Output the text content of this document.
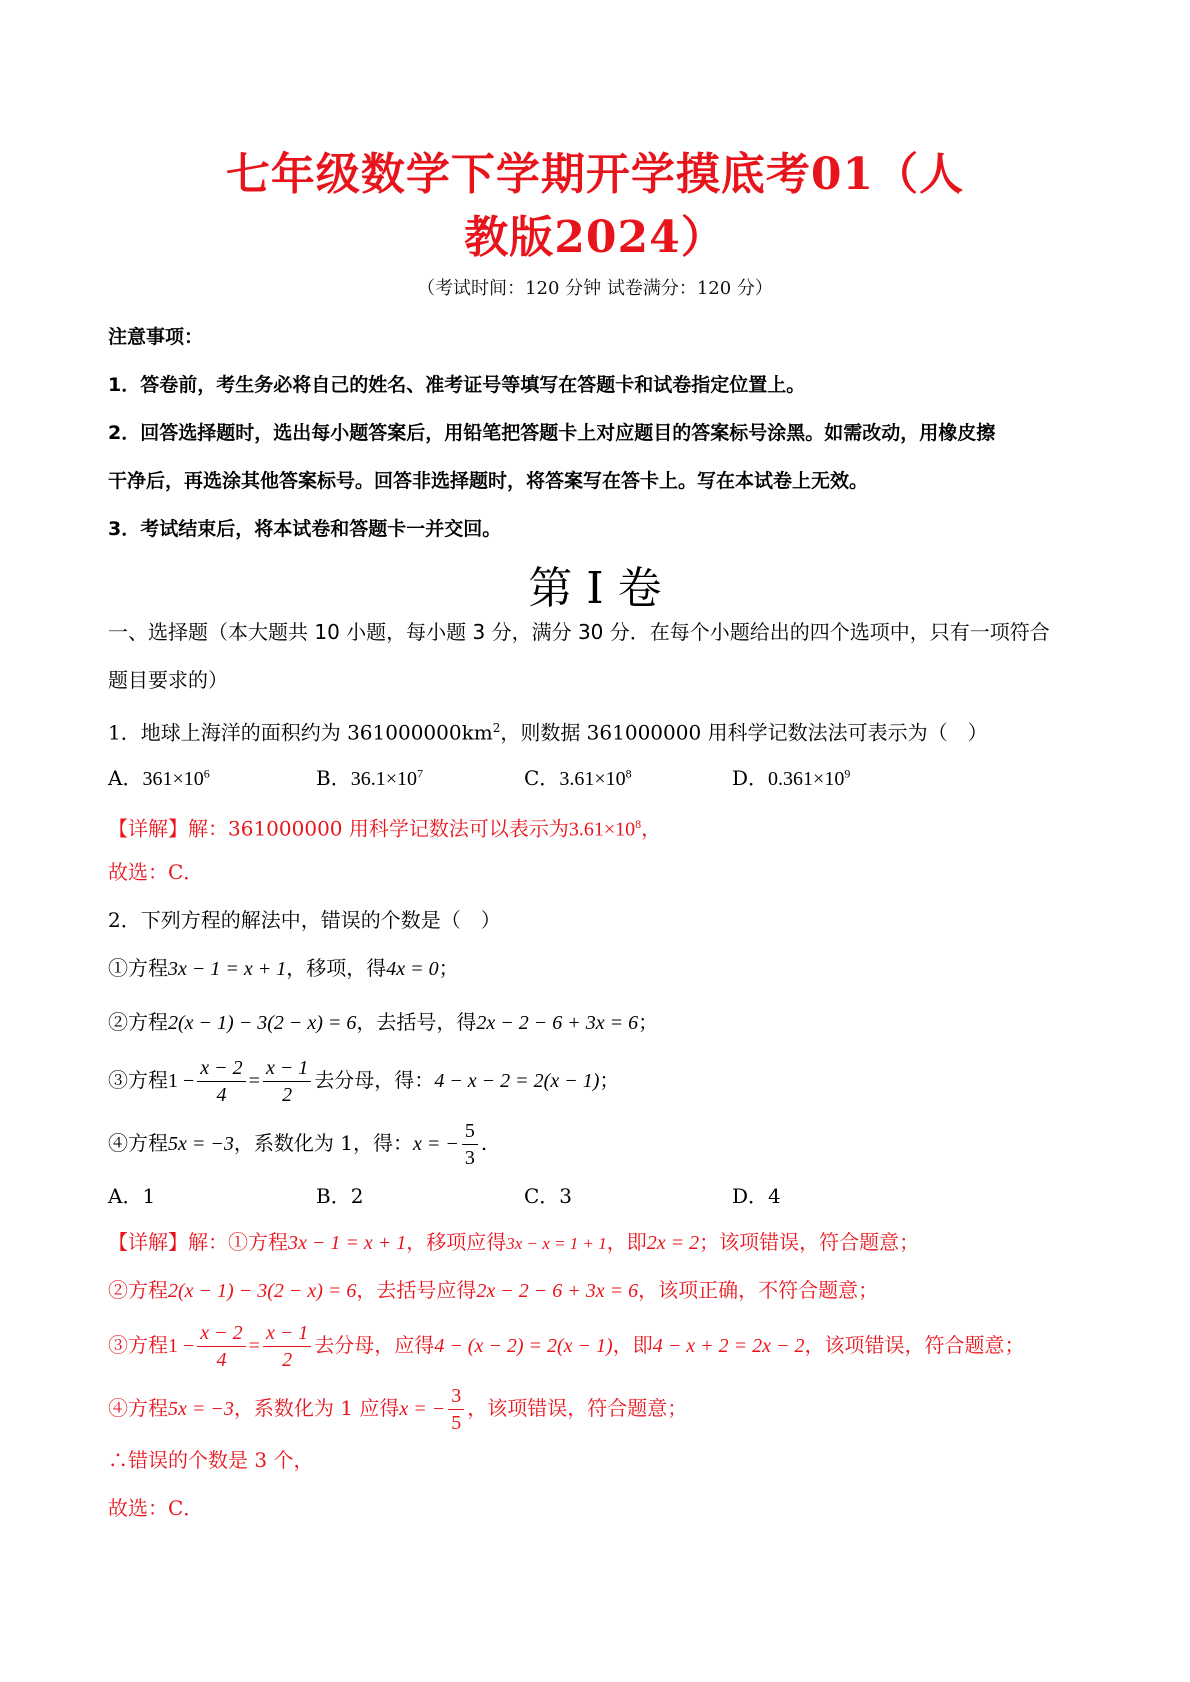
七年级数学下学期开学摸底考01（人
教版2024）
（考试时间：120 分钟 试卷满分：120 分）
注意事项：
1．答卷前，考生务必将自己的姓名、准考证号等填写在答题卡和试卷指定位置上。
2．回答选择题时，选出每小题答案后，用铅笔把答题卡上对应题目的答案标号涂黑。如需改动，用橡皮擦
干净后，再选涂其他答案标号。回答非选择题时，将答案写在答卡上。写在本试卷上无效。
3．考试结束后，将本试卷和答题卡一并交回。
第 I 卷
一、选择题（本大题共 10 小题，每小题 3 分，满分 30 分．在每个小题给出的四个选项中，只有一项符合
题目要求的）
1．地球上海洋的面积约为 $361000000km^2$，则数据 361000000 用科学记数法法可表示为（　）
A．$361\times 10^6$	B．$36.1\times 10^7$	C．$3.61\times 10^8$	D．$0.361\times 10^9$
【详解】解：361000000 用科学记数法可以表示为$3.61\times 10^8$，
故选：C．
2．下列方程的解法中，错误的个数是（　）
①方程3x − 1 = x + 1，移项，得4x = 0；
②方程2(x − 1) − 3(2 − x) = 6，去括号，得2x − 2 − 6 + 3x = 6；
③方程$1 - \frac{x - 2}{4} = \frac{x - 1}{2}$ 去分母，得：4 − x − 2 = 2(x − 1)；
④方程5x = −3，系数化为 1，得：x = − $\frac{5}{3}$ .
A．1	B．2	C．3	D．4
【详解】解：①方程3x − 1 = x + 1，移项应得3x − x = 1 + 1，即2x = 2；该项错误，符合题意；
②方程2(x − 1) − 3(2 − x) = 6，去括号应得2x − 2 − 6 + 3x = 6，该项正确，不符合题意；
③方程$1 - \frac{x - 2}{4} = \frac{x - 1}{2}$ 去分母，应得4 − (x − 2) = 2(x − 1)，即4 − x + 2 = 2x − 2，该项错误，符合题意；
④方程5x = −3，系数化为 1 应得x = − $\frac{3}{5}$ ，该项错误，符合题意；
∴错误的个数是 3 个，
故选：C．
